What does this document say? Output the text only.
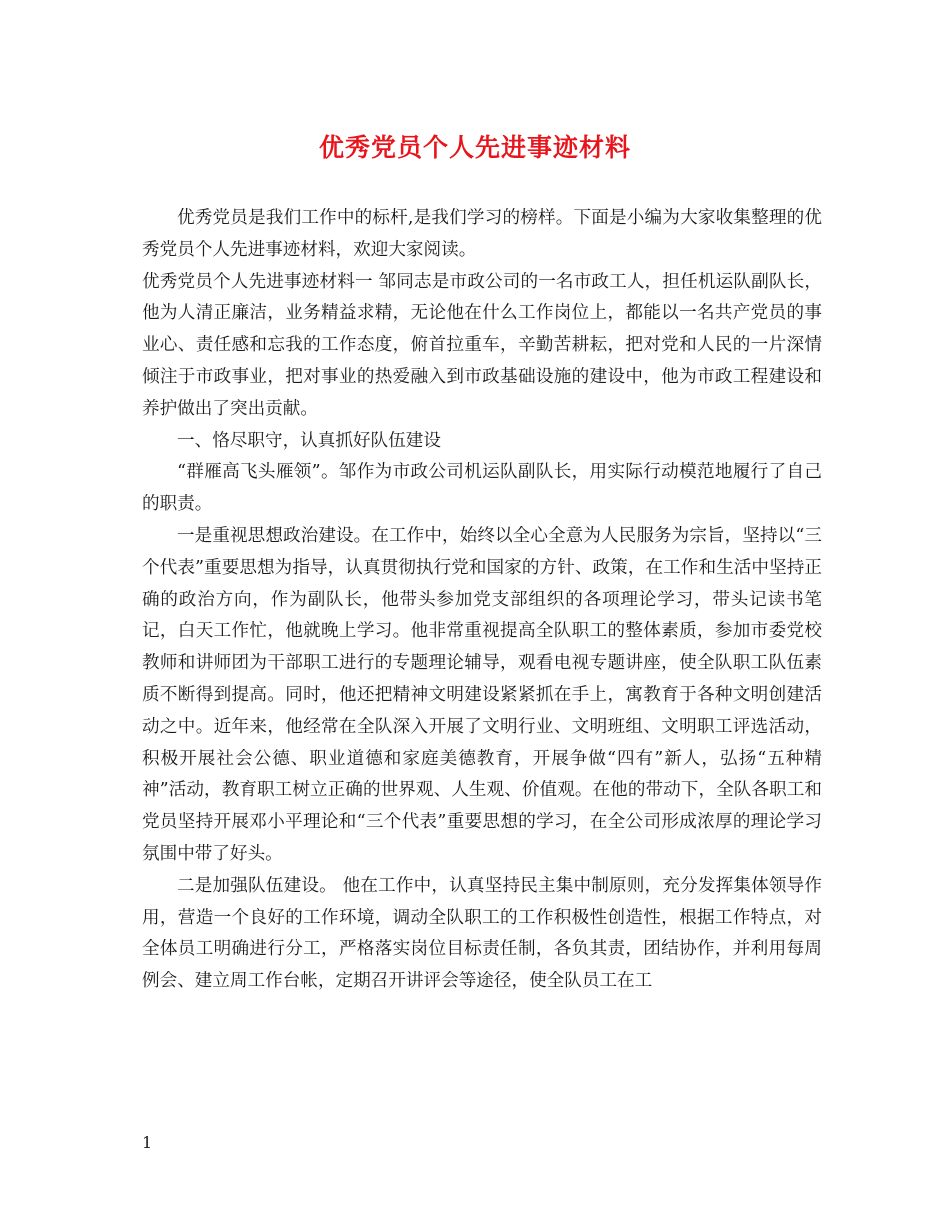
优秀党员个人先进事迹材料

优秀党员是我们工作中的标杆,是我们学习的榜样。下面是小编为大家收集整理的优秀党员个人先进事迹材料，欢迎大家阅读。

优秀党员个人先进事迹材料一 邹同志是市政公司的一名市政工人，担任机运队副队长，他为人清正廉洁，业务精益求精，无论他在什么工作岗位上，都能以一名共产党员的事业心、责任感和忘我的工作态度，俯首拉重车，辛勤苦耕耘，把对党和人民的一片深情倾注于市政事业，把对事业的热爱融入到市政基础设施的建设中，他为市政工程建设和养护做出了突出贡献。

一、恪尽职守，认真抓好队伍建设

“群雁高飞头雁领”。邹作为市政公司机运队副队长，用实际行动模范地履行了自己的职责。

一是重视思想政治建设。在工作中，始终以全心全意为人民服务为宗旨，坚持以“三个代表”重要思想为指导，认真贯彻执行党和国家的方针、政策，在工作和生活中坚持正确的政治方向，作为副队长，他带头参加党支部组织的各项理论学习，带头记读书笔记，白天工作忙，他就晚上学习。他非常重视提高全队职工的整体素质，参加市委党校教师和讲师团为干部职工进行的专题理论辅导，观看电视专题讲座，使全队职工队伍素质不断得到提高。同时，他还把精神文明建设紧紧抓在手上，寓教育于各种文明创建活动之中。近年来，他经常在全队深入开展了文明行业、文明班组、文明职工评选活动，积极开展社会公德、职业道德和家庭美德教育，开展争做“四有”新人，弘扬“五种精神”活动，教育职工树立正确的世界观、人生观、价值观。在他的带动下，全队各职工和党员坚持开展邓小平理论和“三个代表”重要思想的学习，在全公司形成浓厚的理论学习氛围中带了好头。

二是加强队伍建设。 他在工作中，认真坚持民主集中制原则，充分发挥集体领导作用，营造一个良好的工作环境，调动全队职工的工作积极性创造性，根据工作特点，对全体员工明确进行分工，严格落实岗位目标责任制，各负其责，团结协作，并利用每周例会、建立周工作台帐，定期召开讲评会等途径，使全队员工在工

1
